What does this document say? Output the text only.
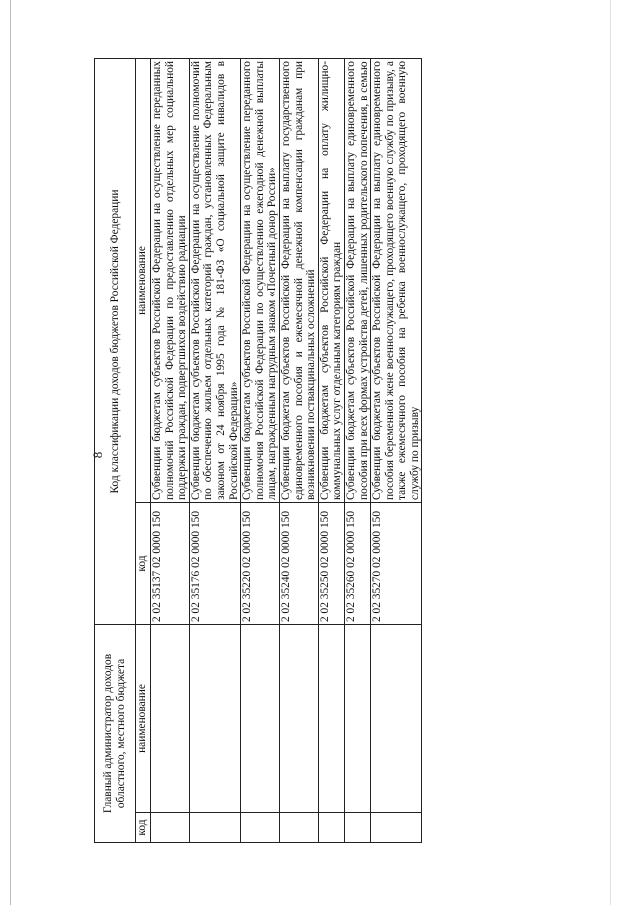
8
Главный администратор доходов областного, местного бюджета		Код классификации доходов бюджетов Российской Федерации	
код	наименование	код	наименование
		2 02 35137 02 0000 150	Субвенции бюджетам субъектов Российской Федерации на осуществление переданных полномочий Российской Федерации по предоставлению отдельных мер социальной поддержки граждан, подвергшихся воздействию радиации
		2 02 35176 02 0000 150	Субвенции бюджетам субъектов Российской Федерации на осуществление полномочий по обеспечению жильем отдельных категорий граждан, установленных Федеральным законом от 24 ноября 1995 года № 181-ФЗ «О социальной защите инвалидов в Российской Федерации»
		2 02 35220 02 0000 150	Субвенции бюджетам субъектов Российской Федерации на осуществление переданного полномочия Российской Федерации по осуществлению ежегодной денежной выплаты лицам, награжденным нагрудным знаком «Почетный донор России»
		2 02 35240 02 0000 150	Субвенции бюджетам субъектов Российской Федерации на выплату государственного единовременного пособия и ежемесячной денежной компенсации гражданам при возникновении поствакцинальных осложнений
		2 02 35250 02 0000 150	Субвенции бюджетам субъектов Российской Федерации на оплату жилищно-коммунальных услуг отдельным категориям граждан
		2 02 35260 02 0000 150	Субвенции бюджетам субъектов Российской Федерации на выплату единовременного пособия при всех формах устройства детей, лишенных родительского попечения, в семью
		2 02 35270 02 0000 150	Субвенции бюджетам субъектов Российской Федерации на выплату единовременного пособия беременной жене военнослужащего, проходящего военную службу по призыву, а также ежемесячного пособия на ребенка военнослужащего, проходящего военную службу по призыву
